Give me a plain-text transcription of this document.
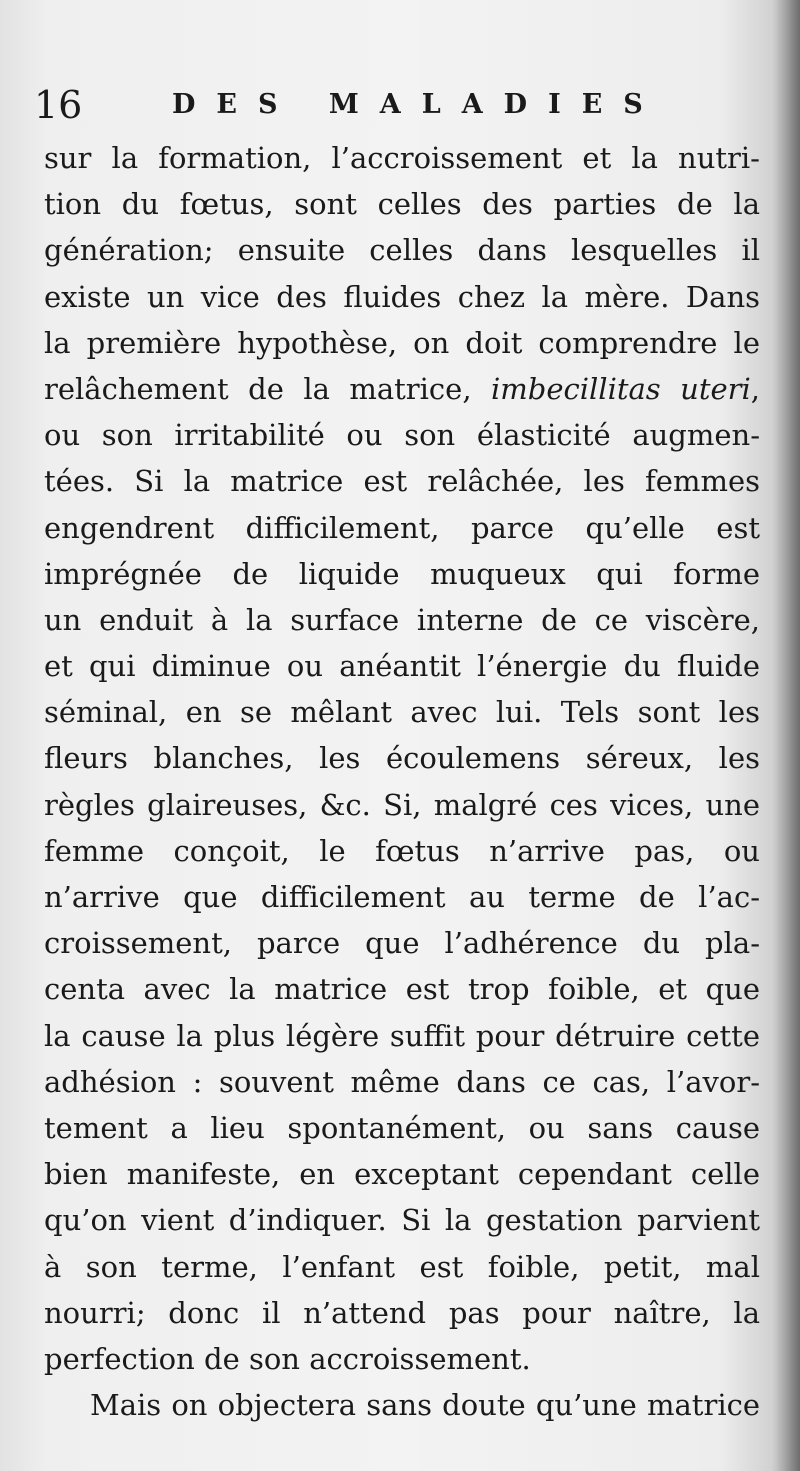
16	DES MALADIES
sur la formation, l’accroissement et la nutri-
tion du fœtus, sont celles des parties de la
génération; ensuite celles dans lesquelles il
existe un vice des fluides chez la mère. Dans
la première hypothèse, on doit comprendre le
relâchement de la matrice, imbecillitas uteri,
ou son irritabilité ou son élasticité augmen-
tées. Si la matrice est relâchée, les femmes
engendrent difficilement, parce qu’elle est
imprégnée de liquide muqueux qui forme
un enduit à la surface interne de ce viscère,
et qui diminue ou anéantit l’énergie du fluide
séminal, en se mêlant avec lui. Tels sont les
fleurs blanches, les écoulemens séreux, les
règles glaireuses, &c. Si, malgré ces vices, une
femme conçoit, le fœtus n’arrive pas, ou
n’arrive que difficilement au terme de l’ac-
croissement, parce que l’adhérence du pla-
centa avec la matrice est trop foible, et que
la cause la plus légère suffit pour détruire cette
adhésion : souvent même dans ce cas, l’avor-
tement a lieu spontanément, ou sans cause
bien manifeste, en exceptant cependant celle
qu’on vient d’indiquer. Si la gestation parvient
à son terme, l’enfant est foible, petit, mal
nourri; donc il n’attend pas pour naître, la
perfection de son accroissement.
Mais on objectera sans doute qu’une matrice
